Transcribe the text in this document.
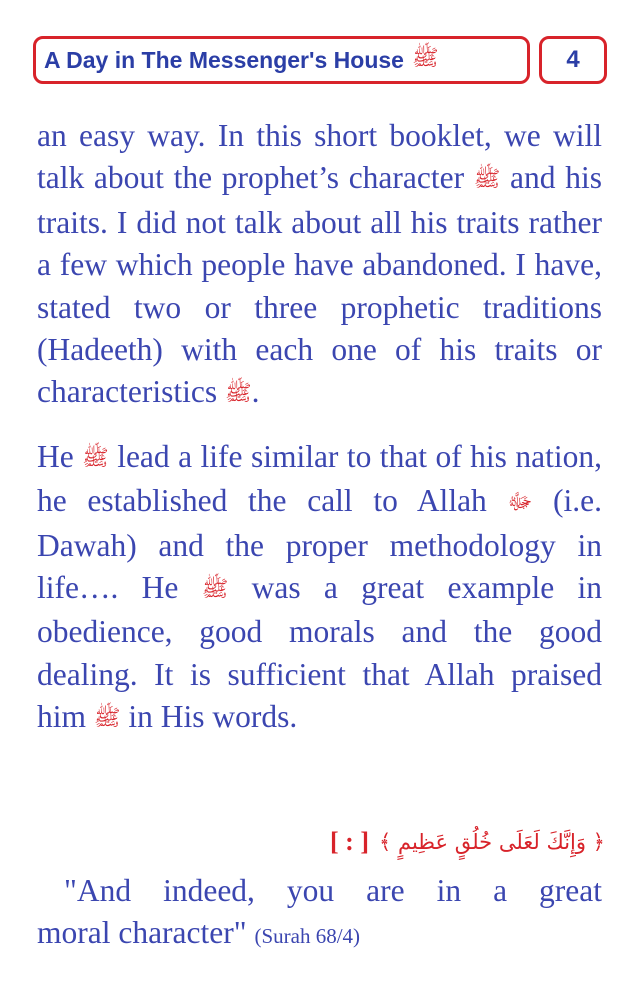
A Day in The Messenger's House ﷺ	4

an easy way. In this short booklet, we will talk about the prophet’s character ﷺ and his traits. I did not talk about all his traits rather a few which people have abandoned. I have, stated two or three prophetic traditions (Hadeeth) with each one of his traits or characteristics ﷺ.

He ﷺ lead a life similar to that of his nation, he established the call to Allah ﷻ (i.e. Dawah) and the proper methodology in life…. He ﷺ was a great example in obedience, good morals and the good dealing. It is sufficient that Allah praised him ﷺ in His words.

[ : ] ﴿ وَإِنَّكَ لَعَلَى خُلُقٍ عَظِيمٍ ﴾
"And indeed, you are in a great
moral character" (Surah 68/4)
